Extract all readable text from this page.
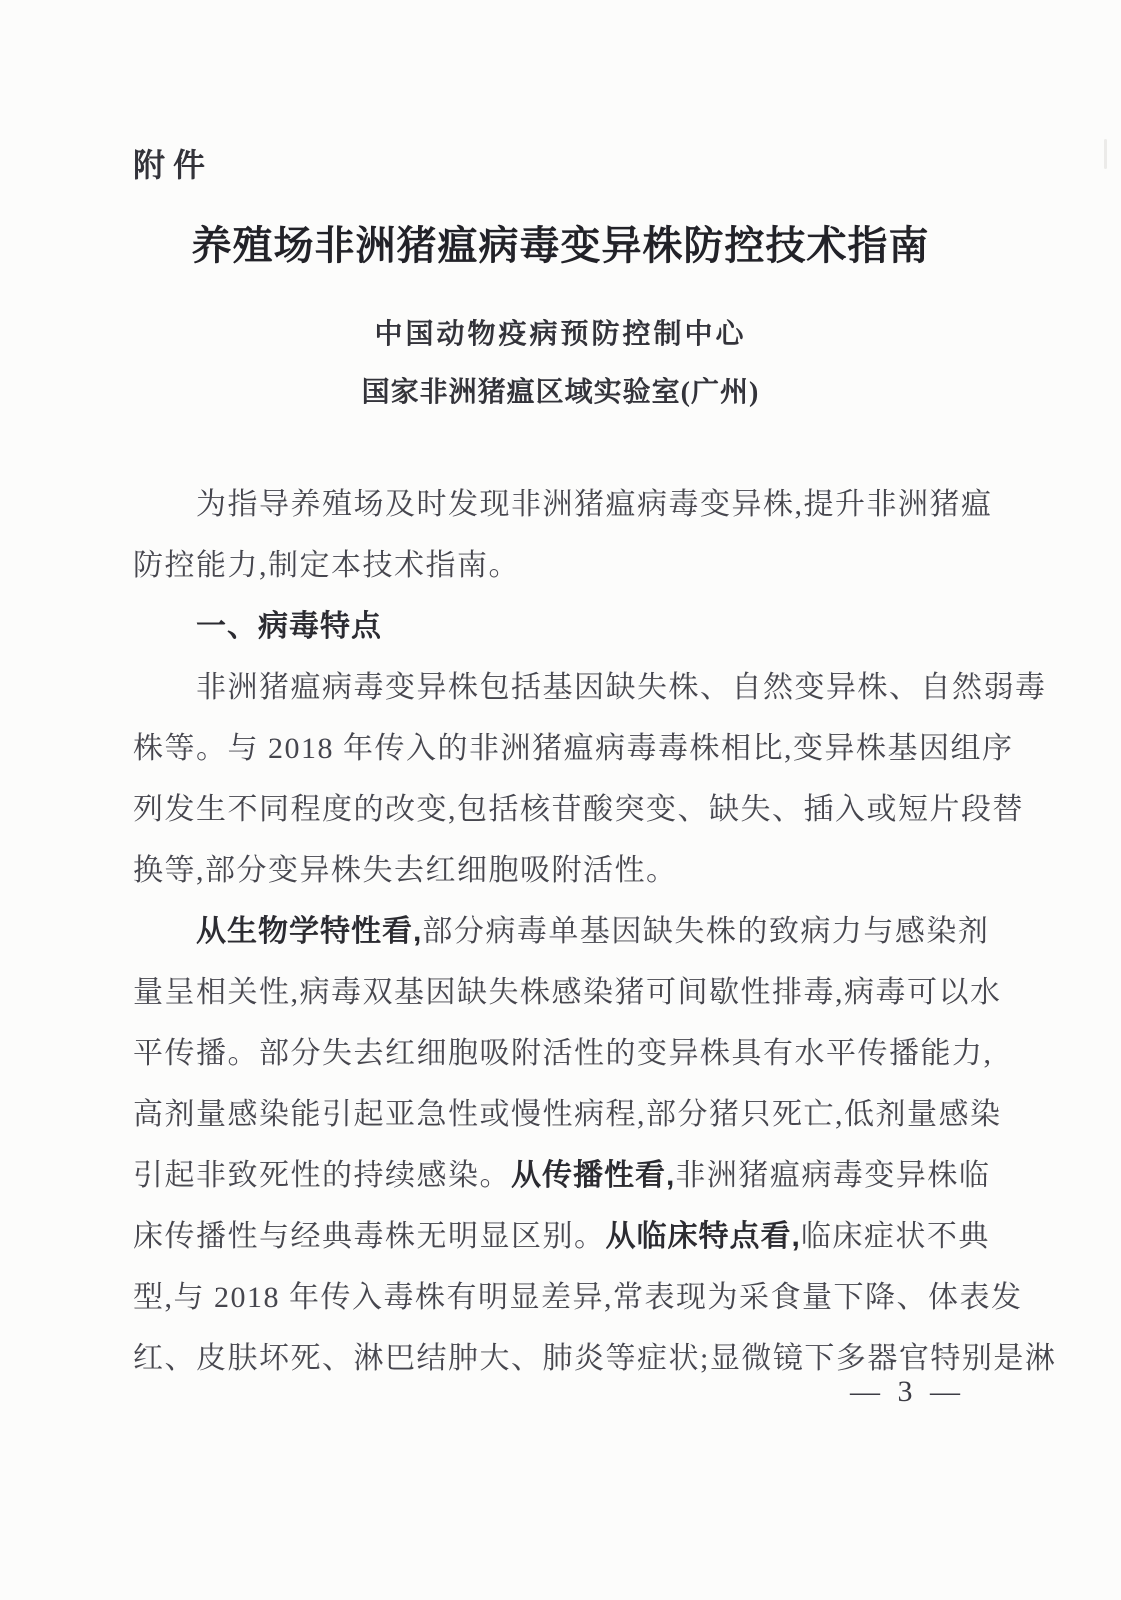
附件
养殖场非洲猪瘟病毒变异株防控技术指南
中国动物疫病预防控制中心
国家非洲猪瘟区域实验室(广州)
为指导养殖场及时发现非洲猪瘟病毒变异株,提升非洲猪瘟
防控能力,制定本技术指南。
一、病毒特点
非洲猪瘟病毒变异株包括基因缺失株、自然变异株、自然弱毒
株等。与 2018 年传入的非洲猪瘟病毒毒株相比,变异株基因组序
列发生不同程度的改变,包括核苷酸突变、缺失、插入或短片段替
换等,部分变异株失去红细胞吸附活性。
从生物学特性看,部分病毒单基因缺失株的致病力与感染剂
量呈相关性,病毒双基因缺失株感染猪可间歇性排毒,病毒可以水
平传播。部分失去红细胞吸附活性的变异株具有水平传播能力,
高剂量感染能引起亚急性或慢性病程,部分猪只死亡,低剂量感染
引起非致死性的持续感染。从传播性看,非洲猪瘟病毒变异株临
床传播性与经典毒株无明显区别。从临床特点看,临床症状不典
型,与 2018 年传入毒株有明显差异,常表现为采食量下降、体表发
红、皮肤坏死、淋巴结肿大、肺炎等症状;显微镜下多器官特别是淋
— 3 —
